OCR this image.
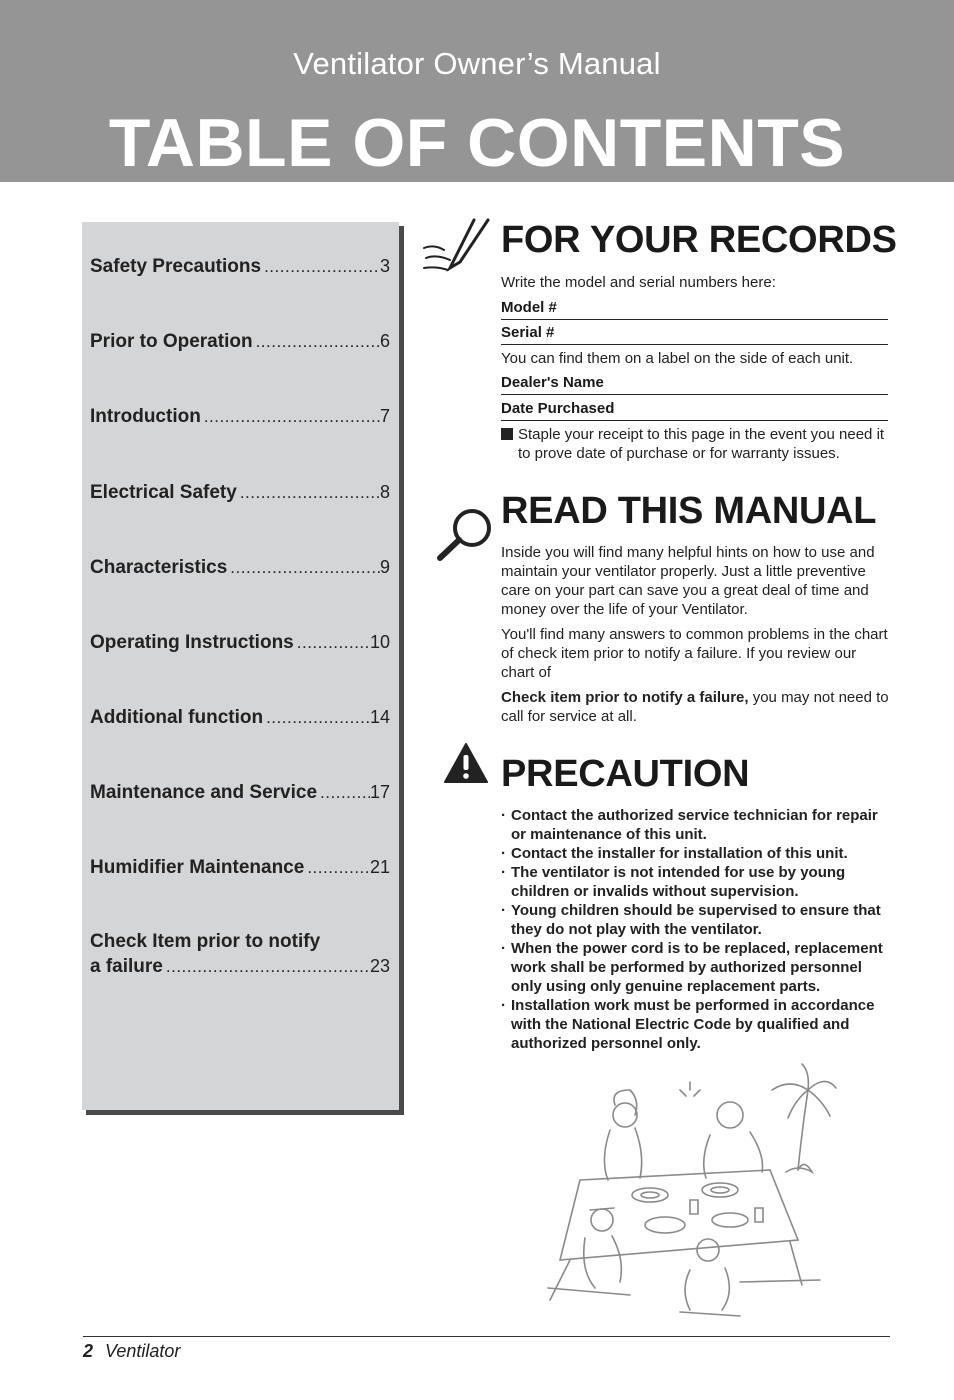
Ventilator Owner’s Manual
TABLE OF CONTENTS
Safety Precautions .....	3
Prior to Operation .....	6
Introduction .....	7
Electrical Safety .....	8
Characteristics .....	9
Operating Instructions .....	10
Additional function .....	14
Maintenance and Service .....	17
Humidifier Maintenance .....	21
Check Item prior to notify
a failure .....	23
FOR YOUR RECORDS
Write the model and serial numbers here:
Model #
Serial #
You can find them on a label on the side of each unit.
Dealer's Name
Date Purchased
Staple your receipt to this page in the event you need it to prove date of purchase or for warranty issues.
READ THIS MANUAL
Inside you will find many helpful hints on how to use and maintain your ventilator properly. Just a little preventive care on your part can save you a great deal of time and money over the life of your Ventilator.
You'll find many answers to common problems in the chart of check item prior to notify a failure. If you review our chart of
Check item prior to notify a failure, you may not need to call for service at all.
PRECAUTION
· Contact the authorized service technician for repair or maintenance of this unit.
· Contact the installer for installation of this unit.
· The ventilator is not intended for use by young children or invalids without supervision.
· Young children should be supervised to ensure that they do not play with the ventilator.
· When the power cord is to be replaced, replacement work shall be performed by authorized personnel only using only genuine replacement parts.
· Installation work must be performed in accordance with the National Electric Code by qualified and authorized personnel only.
2 Ventilator
